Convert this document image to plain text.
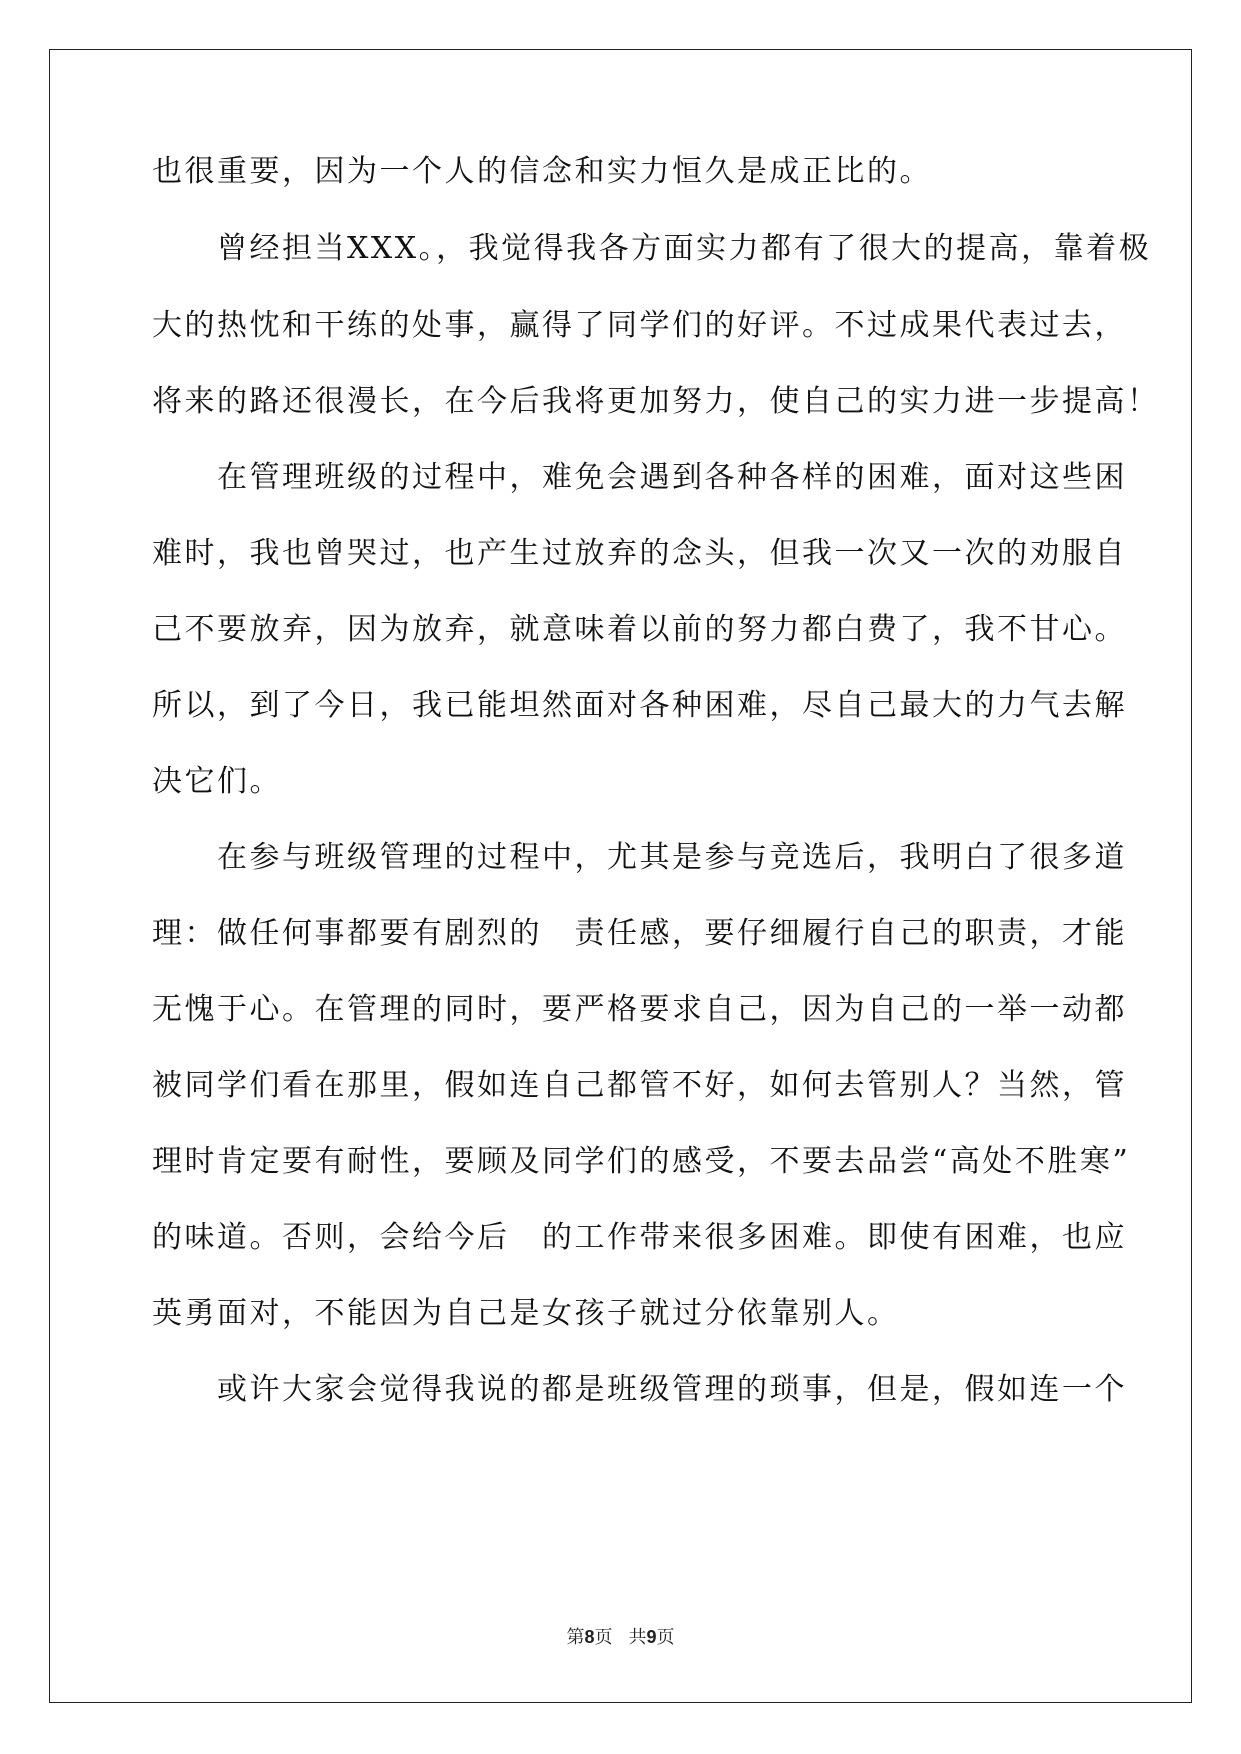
也很重要，因为一个人的信念和实力恒久是成正比的。
　　曾经担当XXX。，我觉得我各方面实力都有了很大的提高，靠着极
大的热忱和干练的处事，赢得了同学们的好评。不过成果代表过去，
将来的路还很漫长，在今后我将更加努力，使自己的实力进一步提高！
　　在管理班级的过程中，难免会遇到各种各样的困难，面对这些困
难时，我也曾哭过，也产生过放弃的念头，但我一次又一次的劝服自
己不要放弃，因为放弃，就意味着以前的努力都白费了，我不甘心。
所以，到了今日，我已能坦然面对各种困难，尽自己最大的力气去解
决它们。
　　在参与班级管理的过程中，尤其是参与竞选后，我明白了很多道
理：做任何事都要有剧烈的　责任感，要仔细履行自己的职责，才能
无愧于心。在管理的同时，要严格要求自己，因为自己的一举一动都
被同学们看在那里，假如连自己都管不好，如何去管别人？当然，管
理时肯定要有耐性，要顾及同学们的感受，不要去品尝“高处不胜寒”
的味道。否则，会给今后　的工作带来很多困难。即使有困难，也应
英勇面对，不能因为自己是女孩子就过分依靠别人。
　　或许大家会觉得我说的都是班级管理的琐事，但是，假如连一个
第8页 共9页
